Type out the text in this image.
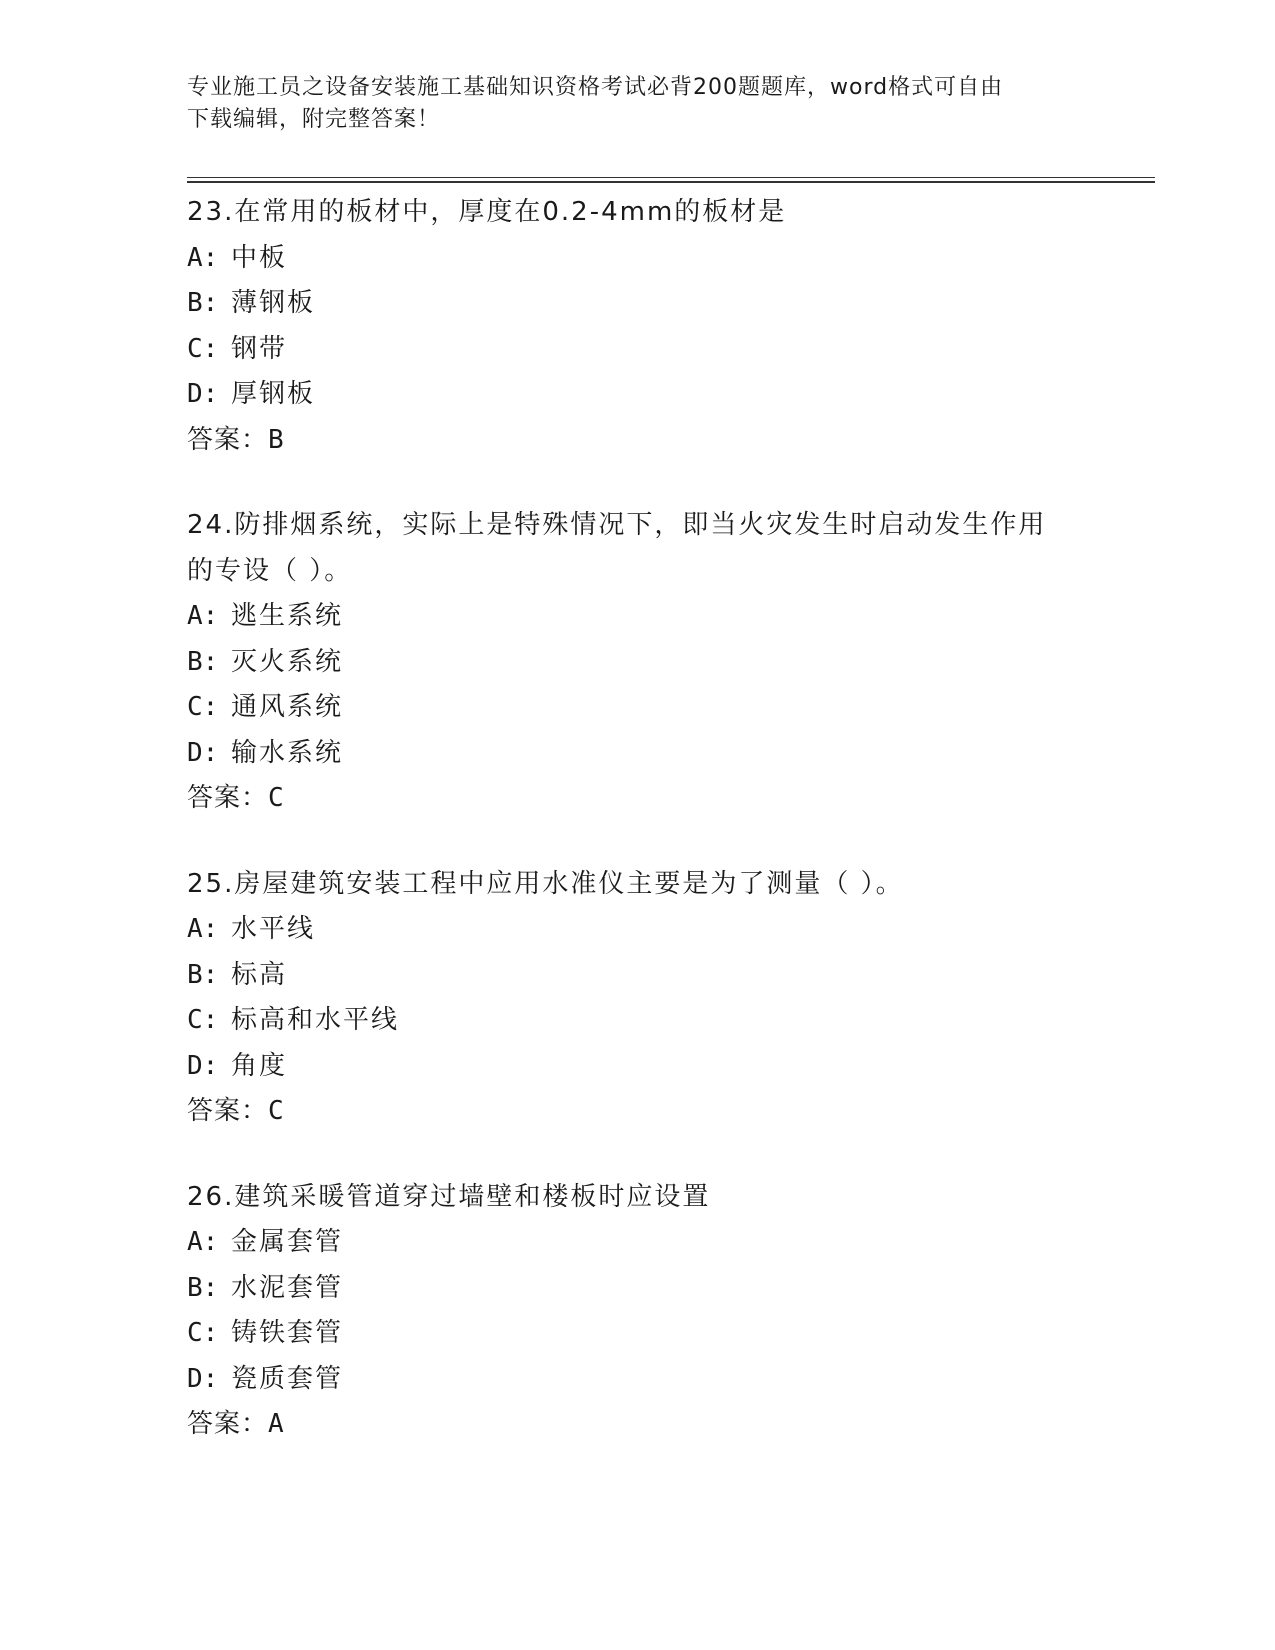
专业施工员之设备安装施工基础知识资格考试必背200题题库，word格式可自由
下载编辑，附完整答案！

23.在常用的板材中，厚度在0.2-4mm的板材是

A: 中板

B: 薄钢板

C: 钢带

D: 厚钢板

答案：B

24.防排烟系统，实际上是特殊情况下，即当火灾发生时启动发生作用

的专设（ ）。

A: 逃生系统

B: 灭火系统

C: 通风系统

D: 输水系统

答案：C

25.房屋建筑安装工程中应用水准仪主要是为了测量（ ）。

A: 水平线

B: 标高

C: 标高和水平线

D: 角度

答案：C

26.建筑采暖管道穿过墙壁和楼板时应设置

A: 金属套管

B: 水泥套管

C: 铸铁套管

D: 瓷质套管

答案：A
